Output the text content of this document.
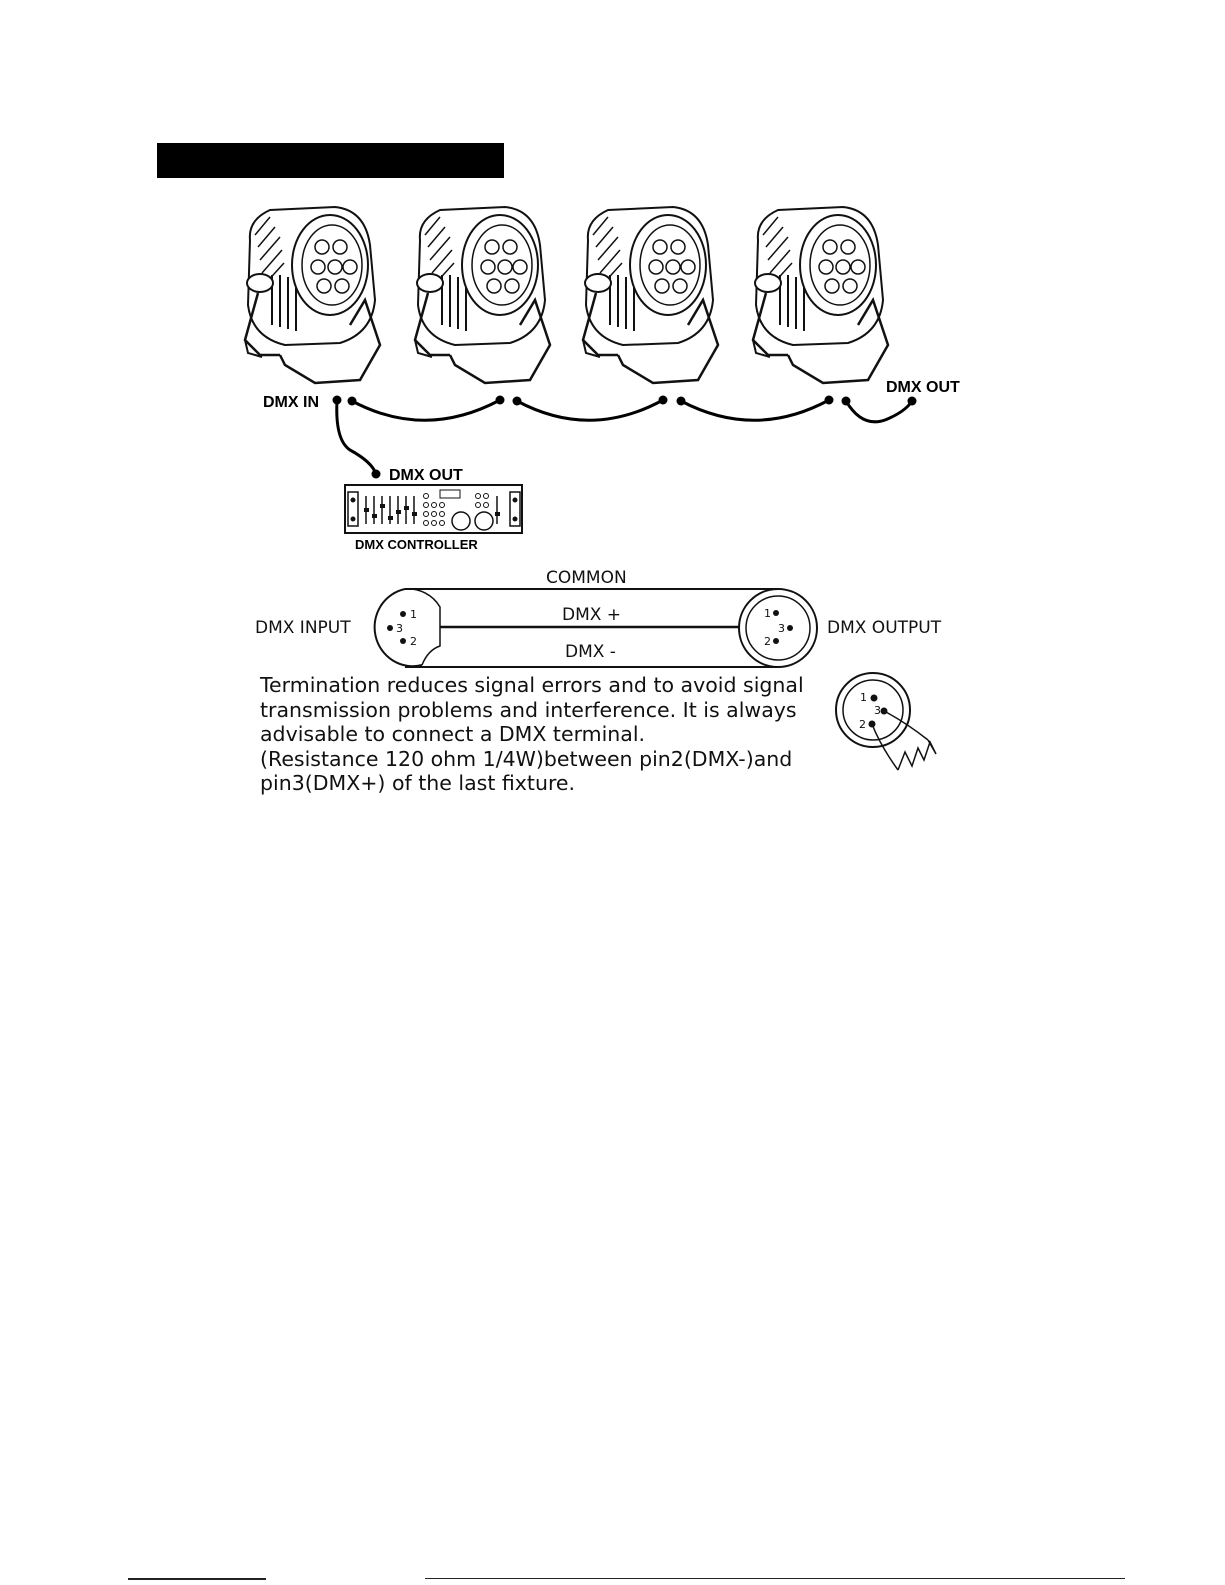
DMX IN
DMX OUT
DMX OUT
DMX CONTROLLER
1
3
2
1
3
2
COMMON
DMX +
DMX -
DMX INPUT	DMX OUTPUT
1
3
2
Termination reduces signal errors and to avoid signal
transmission problems and interference. It is always
advisable to connect a DMX terminal.
(Resistance 120 ohm 1/4W)between pin2(DMX-)and
pin3(DMX+) of the last fixture.
